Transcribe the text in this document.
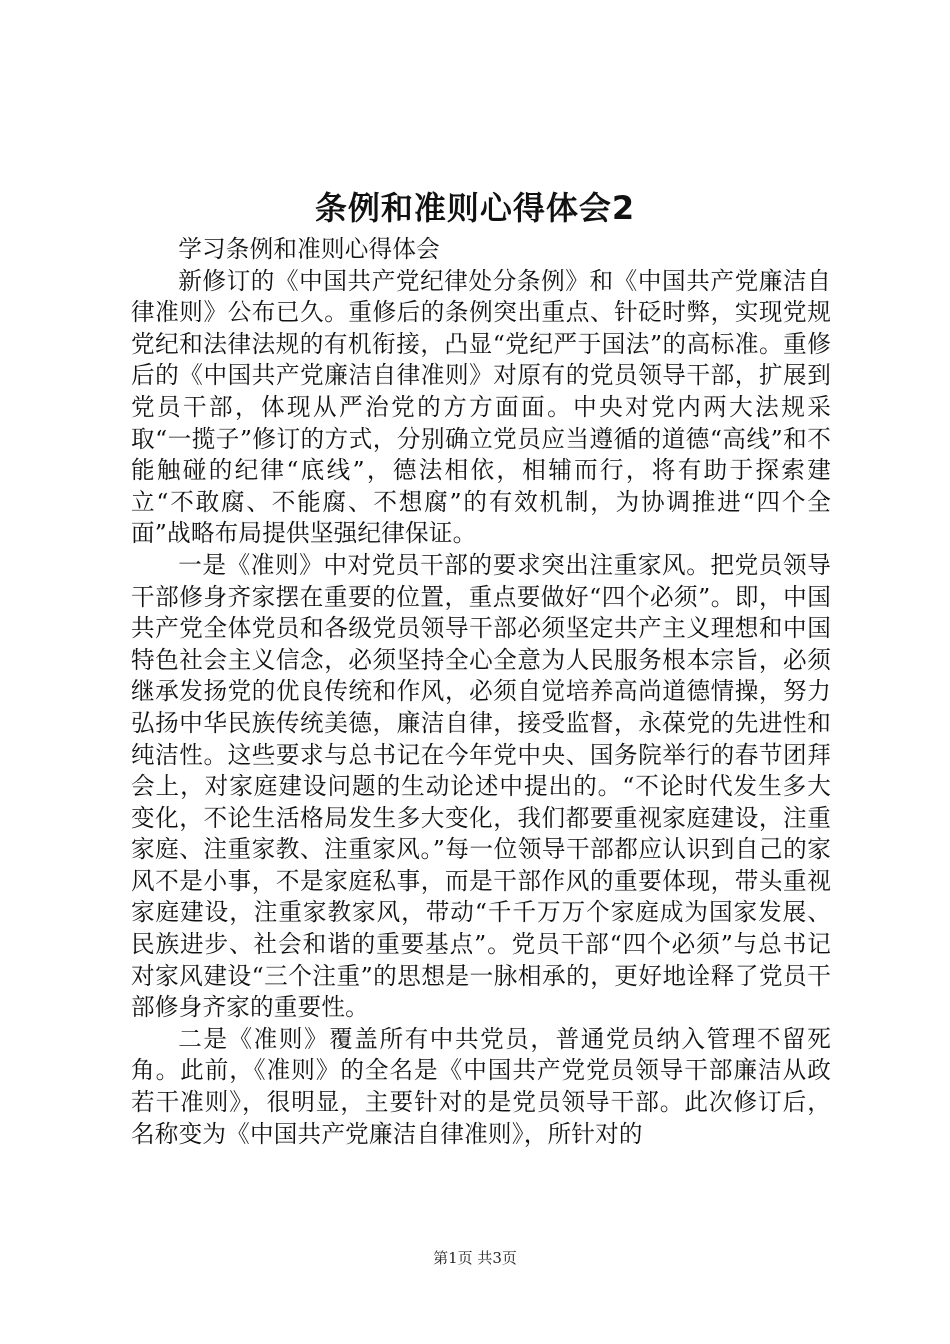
条例和准则心得体会2

学习条例和准则心得体会

新修订的《中国共产党纪律处分条例》和《中国共产党廉洁自律准则》公布已久。重修后的条例突出重点、针砭时弊，实现党规党纪和法律法规的有机衔接，凸显“党纪严于国法”的高标准。重修后的《中国共产党廉洁自律准则》对原有的党员领导干部，扩展到党员干部，体现从严治党的方方面面。中央对党内两大法规采取“一揽子”修订的方式，分别确立党员应当遵循的道德“高线”和不能触碰的纪律“底线”，德法相依，相辅而行，将有助于探索建立“不敢腐、不能腐、不想腐”的有效机制，为协调推进“四个全面”战略布局提供坚强纪律保证。

一是《准则》中对党员干部的要求突出注重家风。把党员领导干部修身齐家摆在重要的位置，重点要做好“四个必须”。即，中国共产党全体党员和各级党员领导干部必须坚定共产主义理想和中国特色社会主义信念，必须坚持全心全意为人民服务根本宗旨，必须继承发扬党的优良传统和作风，必须自觉培养高尚道德情操，努力弘扬中华民族传统美德，廉洁自律，接受监督，永葆党的先进性和纯洁性。这些要求与总书记在今年党中央、国务院举行的春节团拜会上，对家庭建设问题的生动论述中提出的。“不论时代发生多大变化，不论生活格局发生多大变化，我们都要重视家庭建设，注重家庭、注重家教、注重家风。”每一位领导干部都应认识到自己的家风不是小事，不是家庭私事，而是干部作风的重要体现，带头重视家庭建设，注重家教家风，带动“千千万万个家庭成为国家发展、民族进步、社会和谐的重要基点”。党员干部“四个必须”与总书记对家风建设“三个注重”的思想是一脉相承的，更好地诠释了党员干部修身齐家的重要性。

二是《准则》覆盖所有中共党员，普通党员纳入管理不留死角。此前，《准则》的全名是《中国共产党党员领导干部廉洁从政若干准则》，很明显，主要针对的是党员领导干部。此次修订后，名称变为《中国共产党廉洁自律准则》，所针对的

第1页 共3页
